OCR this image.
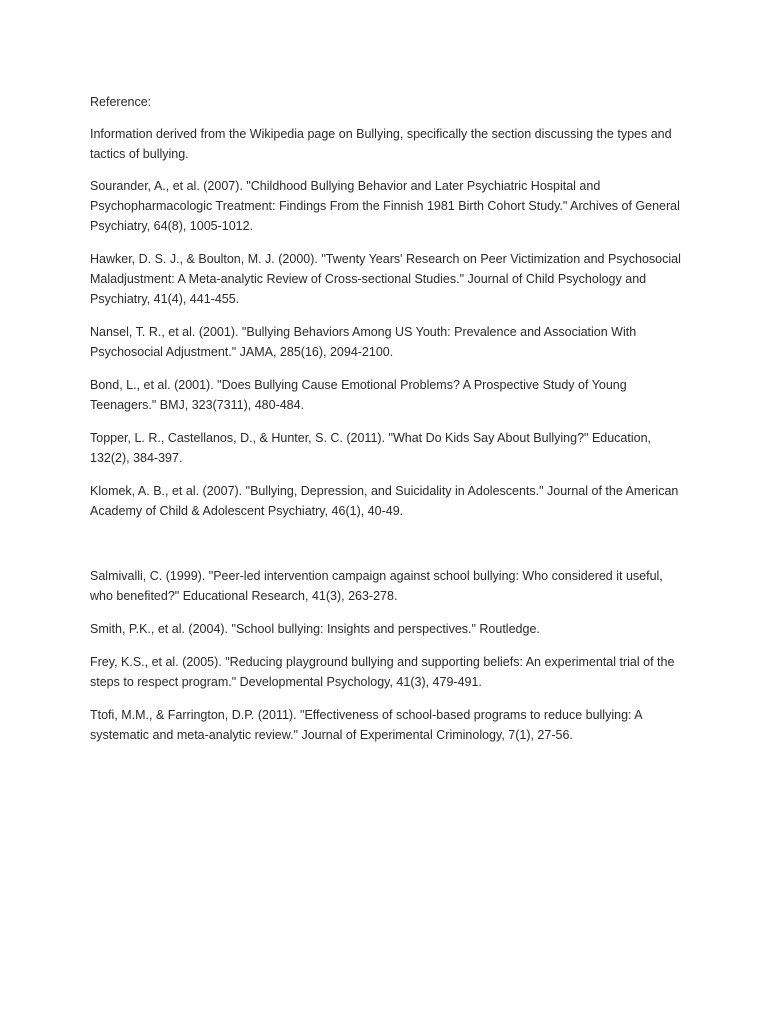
Reference:

Information derived from the Wikipedia page on Bullying, specifically the section discussing the types and tactics of bullying.

Sourander, A., et al. (2007). "Childhood Bullying Behavior and Later Psychiatric Hospital and Psychopharmacologic Treatment: Findings From the Finnish 1981 Birth Cohort Study." Archives of General Psychiatry, 64(8), 1005-1012.

Hawker, D. S. J., & Boulton, M. J. (2000). "Twenty Years' Research on Peer Victimization and Psychosocial Maladjustment: A Meta-analytic Review of Cross-sectional Studies." Journal of Child Psychology and Psychiatry, 41(4), 441-455.

Nansel, T. R., et al. (2001). "Bullying Behaviors Among US Youth: Prevalence and Association With Psychosocial Adjustment." JAMA, 285(16), 2094-2100.

Bond, L., et al. (2001). "Does Bullying Cause Emotional Problems? A Prospective Study of Young Teenagers." BMJ, 323(7311), 480-484.

Topper, L. R., Castellanos, D., & Hunter, S. C. (2011). "What Do Kids Say About Bullying?" Education, 132(2), 384-397.

Klomek, A. B., et al. (2007). "Bullying, Depression, and Suicidality in Adolescents." Journal of the American Academy of Child & Adolescent Psychiatry, 46(1), 40-49.

Salmivalli, C. (1999). "Peer-led intervention campaign against school bullying: Who considered it useful, who benefited?" Educational Research, 41(3), 263-278.

Smith, P.K., et al. (2004). "School bullying: Insights and perspectives." Routledge.

Frey, K.S., et al. (2005). "Reducing playground bullying and supporting beliefs: An experimental trial of the steps to respect program." Developmental Psychology, 41(3), 479-491.

Ttofi, M.M., & Farrington, D.P. (2011). "Effectiveness of school-based programs to reduce bullying: A systematic and meta-analytic review." Journal of Experimental Criminology, 7(1), 27-56.
